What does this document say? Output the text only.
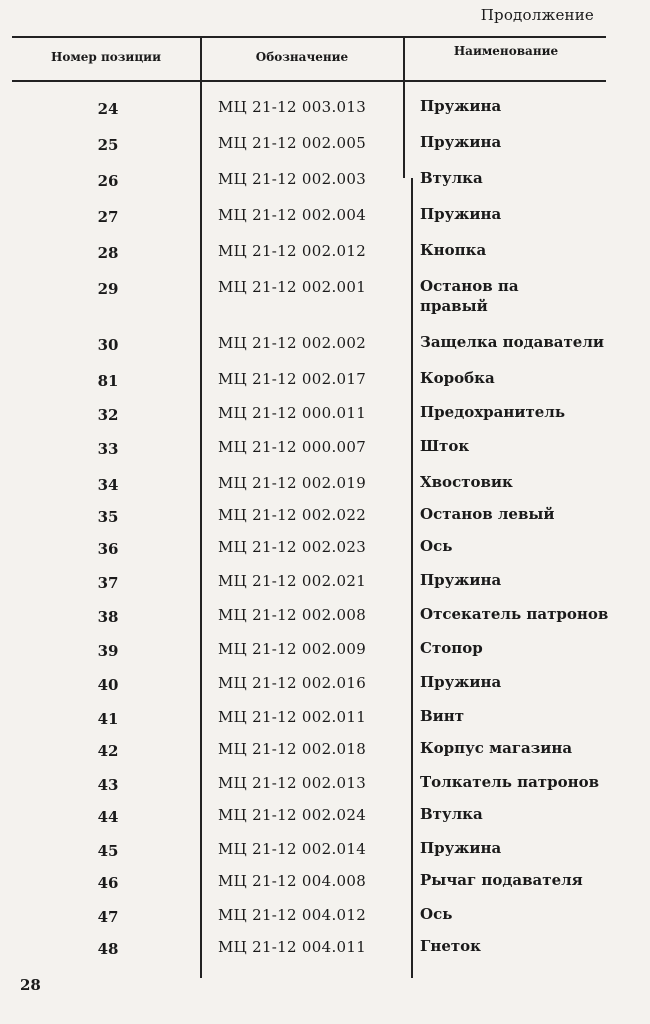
Продолжение
Номер позиции	Обозначение	Наименование
24	МЦ 21-12 003.013	Пружина
25	МЦ 21-12 002.005	Пружина
26	МЦ 21-12 002.003	Втулка
27	МЦ 21-12 002.004	Пружина
28	МЦ 21-12 002.012	Кнопка
29	МЦ 21-12 002.001	Останов па правый
30	МЦ 21-12 002.002	Защелка подаватели
81	МЦ 21-12 002.017	Коробка
32	МЦ 21-12 000.011	Предохранитель
33	МЦ 21-12 000.007	Шток
34	МЦ 21-12 002.019	Хвостовик
35	МЦ 21-12 002.022	Останов левый
36	МЦ 21-12 002.023	Ось
37	МЦ 21-12 002.021	Пружина
38	МЦ 21-12 002.008	Отсекатель патронов
39	МЦ 21-12 002.009	Стопор
40	МЦ 21-12 002.016	Пружина
41	МЦ 21-12 002.011	Винт
42	МЦ 21-12 002.018	Корпус магазина
43	МЦ 21-12 002.013	Толкатель патронов
44	МЦ 21-12 002.024	Втулка
45	МЦ 21-12 002.014	Пружина
46	МЦ 21-12 004.008	Рычаг подавателя
47	МЦ 21-12 004.012	Ось
48	МЦ 21-12 004.011	Гнеток
28
